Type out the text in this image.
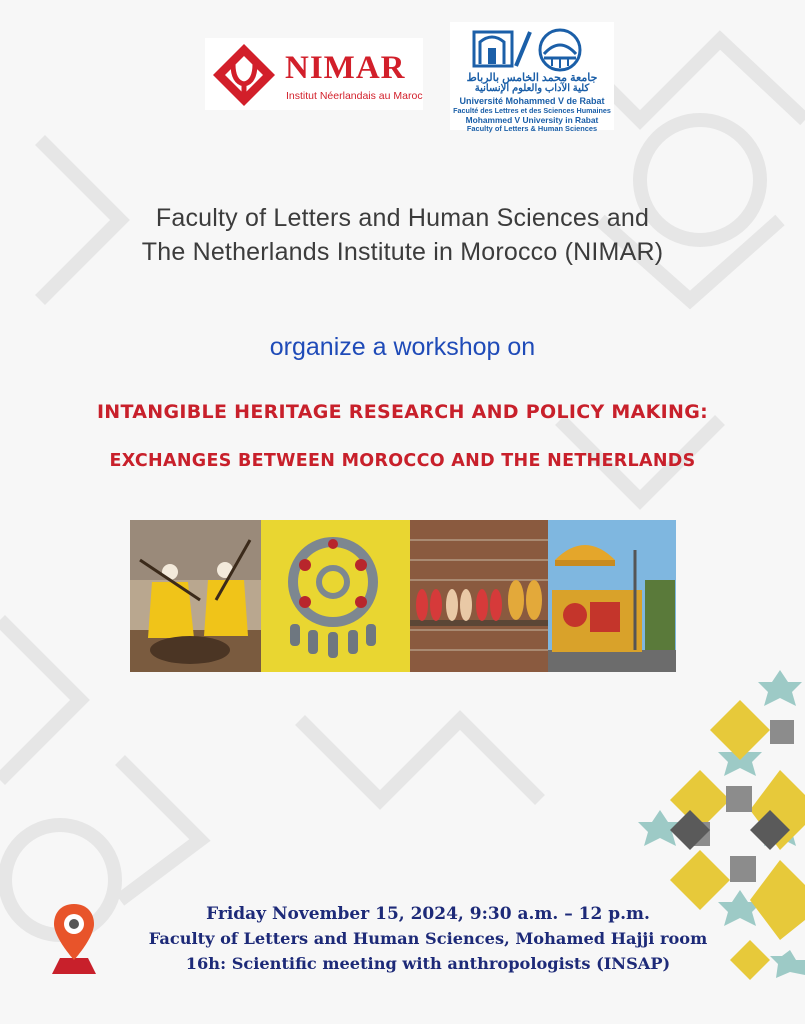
NIMAR
Institut Néerlandais au Maroc
جامعة محمد الخامس بالرباط
كلية الآداب والعلوم الإنسانية
Université Mohammed V de Rabat
Faculté des Lettres et des Sciences Humaines
Mohammed V University in Rabat
Faculty of Letters & Human Sciences
Faculty of Letters and Human Sciences and
The Netherlands Institute in Morocco (NIMAR)
organize a workshop on
INTANGIBLE HERITAGE RESEARCH AND POLICY MAKING:
EXCHANGES BETWEEN MOROCCO AND THE NETHERLANDS
Friday November 15, 2024, 9:30 a.m. – 12 p.m.
Faculty of Letters and Human Sciences, Mohamed Hajji room
16h: Scientific meeting with anthropologists (INSAP)
